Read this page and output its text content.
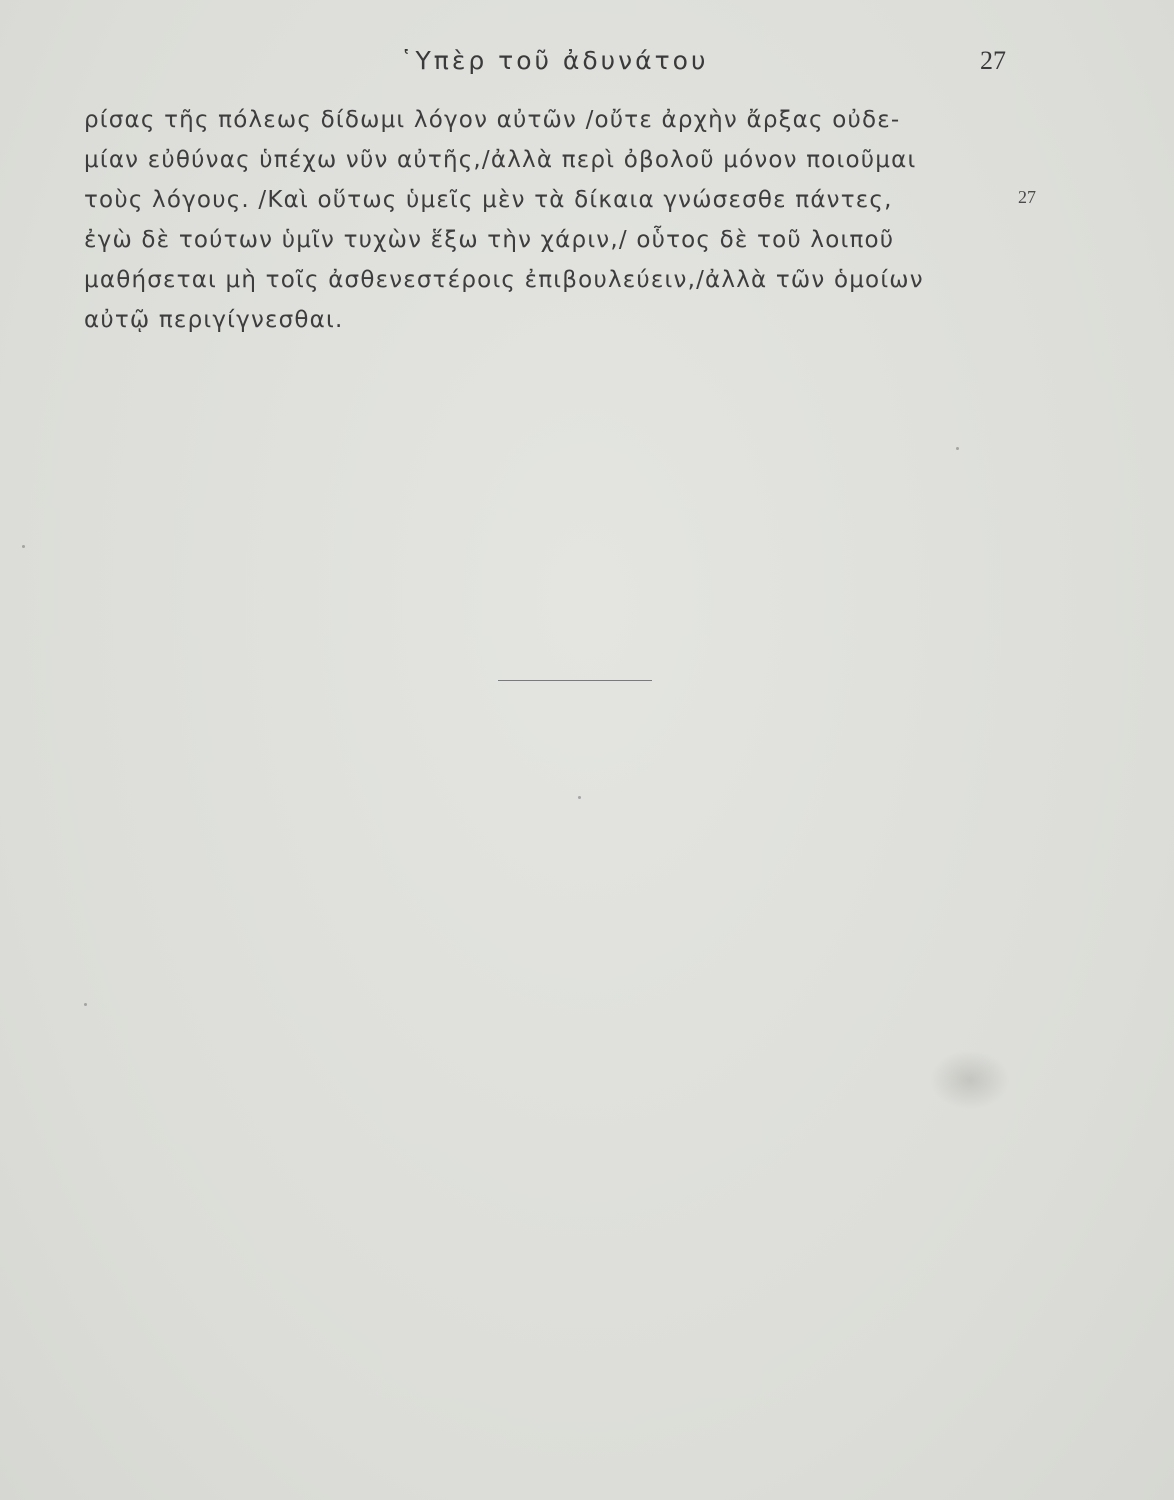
῾Υπὲρ τοῦ ἀδυνάτου	27
ρίσας τῆς πόλεως δίδωμι λόγον αὐτῶν /οὔτε ἀρχὴν ἄρξας οὐδε-
μίαν εὐθύνας ὑπέχω νῦν αὐτῆς,/ἀλλὰ περὶ ὀβολοῦ μόνον ποιοῦμαι
τοὺς λόγους. /Καὶ οὕτως ὑμεῖς μὲν τὰ δίκαια γνώσεσθε πάντες,
ἐγὼ δὲ τούτων ὑμῖν τυχὼν ἕξω τὴν χάριν,/ οὗτος δὲ τοῦ λοιποῦ
μαθήσεται μὴ τοῖς ἀσθενεστέροις ἐπιβουλεύειν,/ἀλλὰ τῶν ὁμοίων
αὐτῷ περιγίγνεσθαι.
27
